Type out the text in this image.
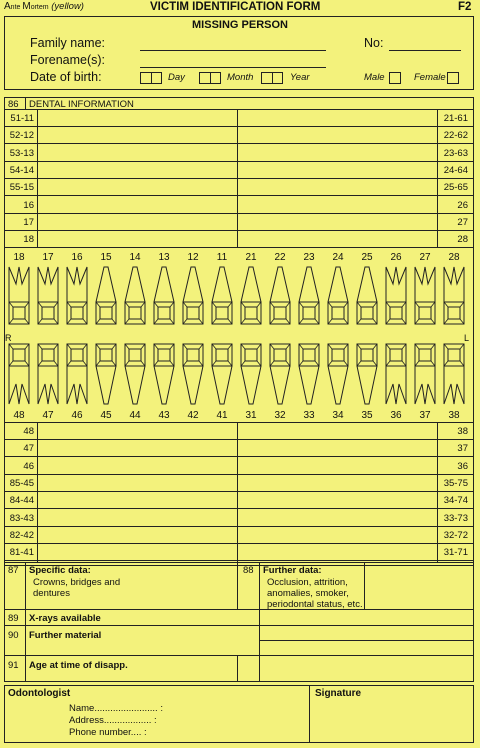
Ante Mortem (yellow)	VICTIM IDENTIFICATION FORM	F2
MISSING PERSON
Family name:	No:
Forename(s):
Date of birth:	Day	Month	Year	Male	Female
86 DENTAL INFORMATION
51-11	21-61
52-12	22-62
53-13	23-63
54-14	24-64
55-15	25-65
16	26
17	27
18	28
18	17	16	15	14	13	12	11	21	22	23	24	25	26	27	28
R	L
48	47	46	45	44	43	42	41	31	32	33	34	35	36	37	38
48	38
47	37
46	36
85-45	35-75
84-44	34-74
83-43	33-73
82-42	32-72
81-41	31-71
87 Specific data:
Crowns, bridges and
dentures
88 Further data:
Occlusion, attrition,
anomalies, smoker,
periodontal status, etc.
89 X-rays available
90 Further material
91 Age at time of disapp.
Odontologist
Name........................ :
Address.................. :
Phone number.... :
Signature
